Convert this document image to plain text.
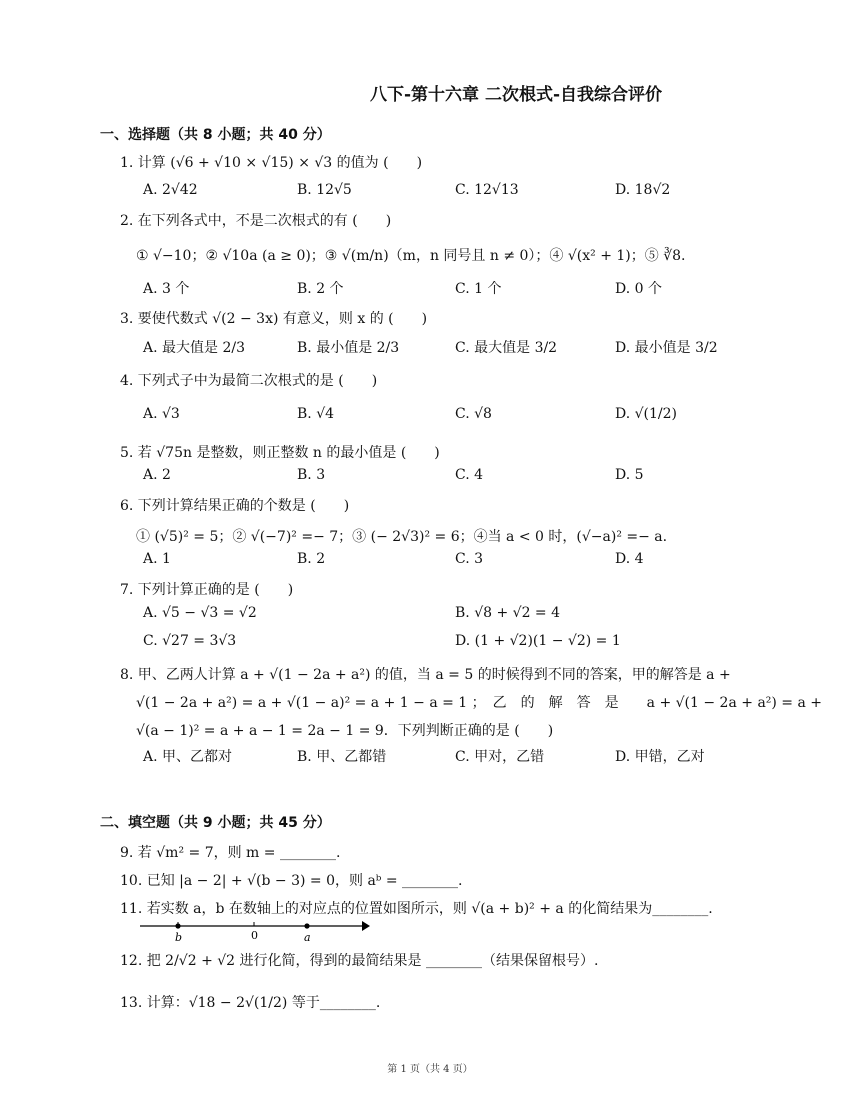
八下-第十六章 二次根式-自我综合评价
一、选择题（共 8 小题；共 40 分）
1. 计算 (√6 + √10 × √15) × √3 的值为 (　　)
A. 2√42	B. 12√5	C. 12√13	D. 18√2
2. 在下列各式中，不是二次根式的有 (　　)
① √−10；② √10a (a ≥ 0)；③ √(m/n)（m，n 同号且 n ≠ 0）；④ √(x² + 1)；⑤ ∛8.
A. 3 个	B. 2 个	C. 1 个	D. 0 个
3. 要使代数式 √(2 − 3x) 有意义，则 x 的 (　　)
A. 最大值是 2/3	B. 最小值是 2/3	C. 最大值是 3/2	D. 最小值是 3/2
4. 下列式子中为最简二次根式的是 (　　)
A. √3	B. √4	C. √8	D. √(1/2)
5. 若 √75n 是整数，则正整数 n 的最小值是 (　　)
A. 2	B. 3	C. 4	D. 5
6. 下列计算结果正确的个数是 (　　)
① (√5)² = 5；② √(−7)² =− 7；③ (− 2√3)² = 6；④当 a < 0 时，(√−a)² =− a.
A. 1	B. 2	C. 3	D. 4
7. 下列计算正确的是 (　　)
A. √5 − √3 = √2	B. √8 + √2 = 4
C. √27 = 3√3	D. (1 + √2)(1 − √2) = 1
8. 甲、乙两人计算 a + √(1 − 2a + a²) 的值，当 a = 5 的时候得到不同的答案，甲的解答是 a +
√(1 − 2a + a²) = a + √(1 − a)² = a + 1 − a = 1 ；　乙　的　解　答　是　　a + √(1 − 2a + a²) = a +
√(a − 1)² = a + a − 1 = 2a − 1 = 9．下列判断正确的是 (　　)
A. 甲、乙都对	B. 甲、乙都错	C. 甲对，乙错	D. 甲错，乙对
二、填空题（共 9 小题；共 45 分）
9. 若 √m² = 7，则 m = ________.
10. 已知 |a − 2| + √(b − 3) = 0，则 aᵇ = ________.
11. 若实数 a，b 在数轴上的对应点的位置如图所示，则 √(a + b)² + a 的化简结果为________.
b	0	a
12. 把 2/√2 + √2 进行化简，得到的最简结果是 ________（结果保留根号）.
13. 计算：√18 − 2√(1/2) 等于________.
第 1 页（共 4 页）
